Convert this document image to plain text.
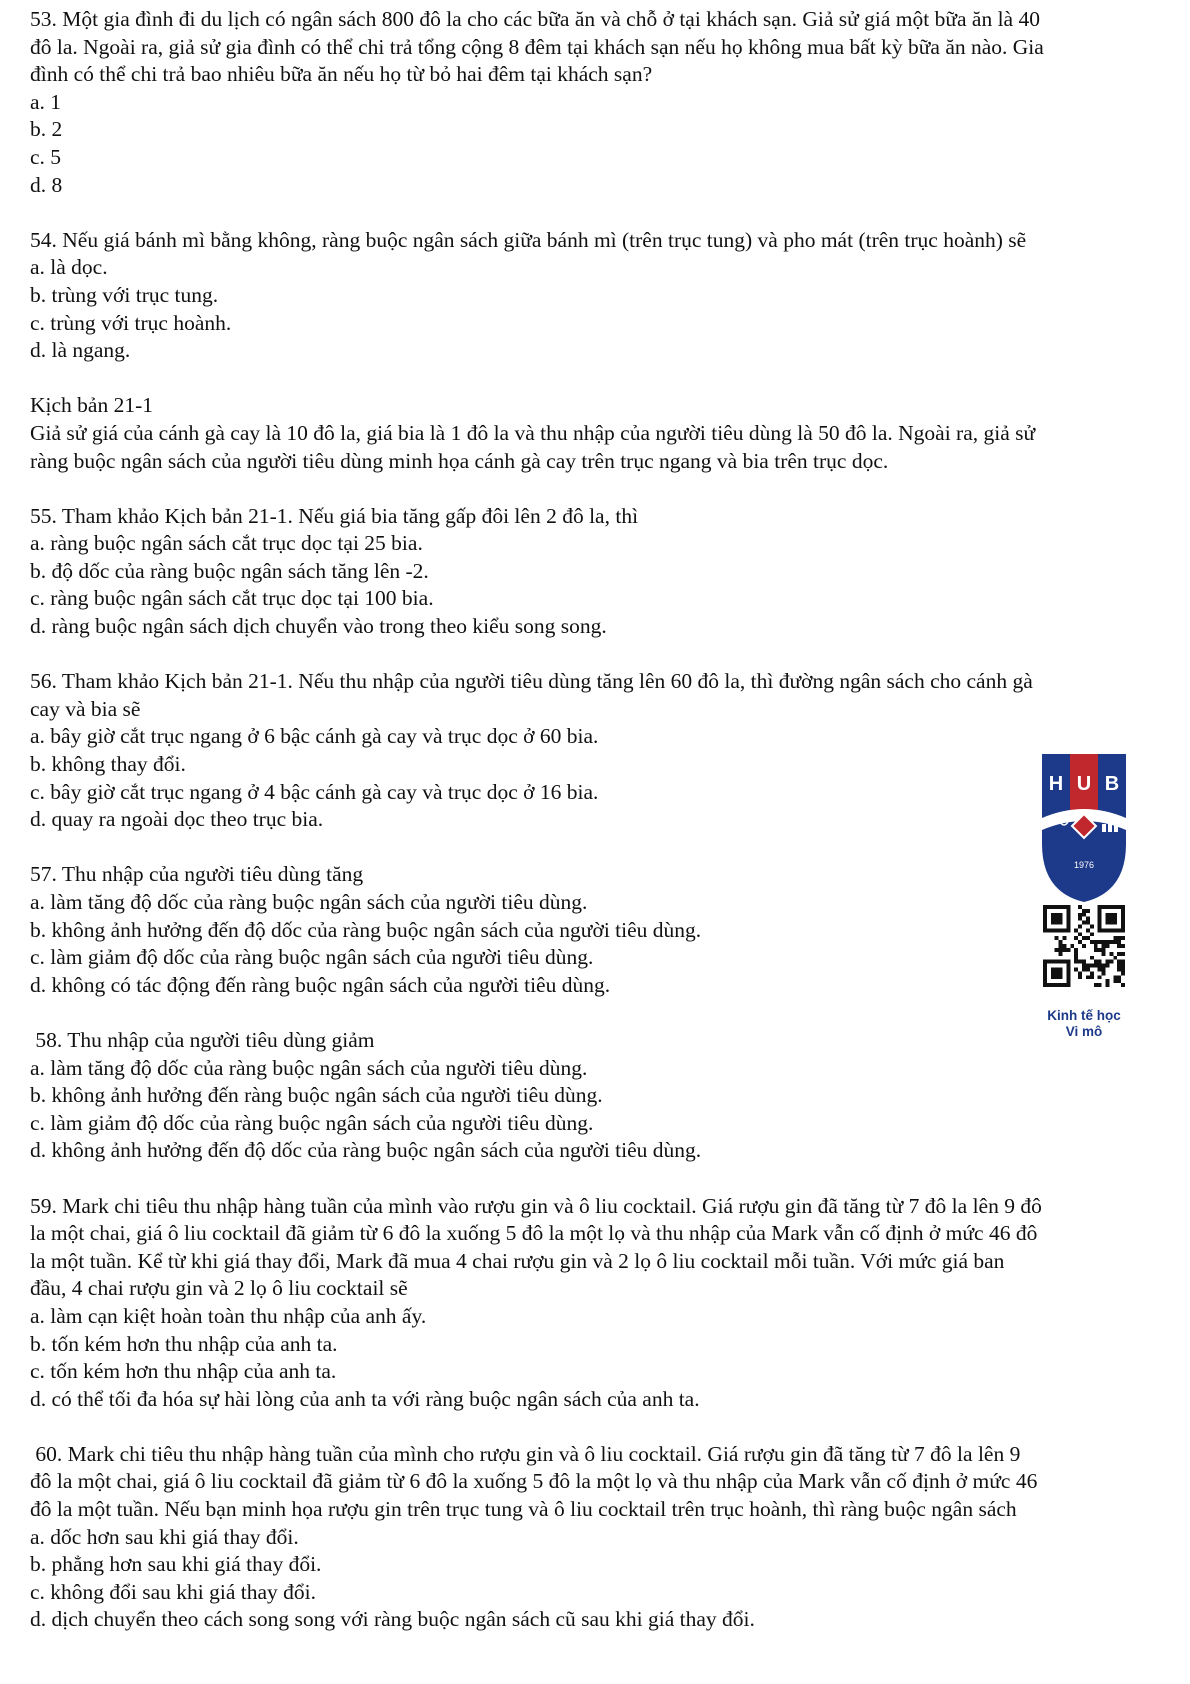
53. Một gia đình đi du lịch có ngân sách 800 đô la cho các bữa ăn và chỗ ở tại khách sạn. Giả sử giá một bữa ăn là 40

đô la. Ngoài ra, giả sử gia đình có thể chi trả tổng cộng 8 đêm tại khách sạn nếu họ không mua bất kỳ bữa ăn nào. Gia

đình có thể chi trả bao nhiêu bữa ăn nếu họ từ bỏ hai đêm tại khách sạn?

a. 1

b. 2

c. 5

d. 8

54. Nếu giá bánh mì bằng không, ràng buộc ngân sách giữa bánh mì (trên trục tung) và pho mát (trên trục hoành) sẽ

a. là dọc.

b. trùng với trục tung.

c. trùng với trục hoành.

d. là ngang.

Kịch bản 21-1

Giả sử giá của cánh gà cay là 10 đô la, giá bia là 1 đô la và thu nhập của người tiêu dùng là 50 đô la. Ngoài ra, giả sử

ràng buộc ngân sách của người tiêu dùng minh họa cánh gà cay trên trục ngang và bia trên trục dọc.

55. Tham khảo Kịch bản 21-1. Nếu giá bia tăng gấp đôi lên 2 đô la, thì

a. ràng buộc ngân sách cắt trục dọc tại 25 bia.

b. độ dốc của ràng buộc ngân sách tăng lên -2.

c. ràng buộc ngân sách cắt trục dọc tại 100 bia.

d. ràng buộc ngân sách dịch chuyển vào trong theo kiểu song song.

56. Tham khảo Kịch bản 21-1. Nếu thu nhập của người tiêu dùng tăng lên 60 đô la, thì đường ngân sách cho cánh gà

cay và bia sẽ

a. bây giờ cắt trục ngang ở 6 bậc cánh gà cay và trục dọc ở 60 bia.

b. không thay đổi.

c. bây giờ cắt trục ngang ở 4 bậc cánh gà cay và trục dọc ở 16 bia.

d. quay ra ngoài dọc theo trục bia.

57. Thu nhập của người tiêu dùng tăng

a. làm tăng độ dốc của ràng buộc ngân sách của người tiêu dùng.

b. không ảnh hưởng đến độ dốc của ràng buộc ngân sách của người tiêu dùng.

c. làm giảm độ dốc của ràng buộc ngân sách của người tiêu dùng.

d. không có tác động đến ràng buộc ngân sách của người tiêu dùng.

58. Thu nhập của người tiêu dùng giảm

a. làm tăng độ dốc của ràng buộc ngân sách của người tiêu dùng.

b. không ảnh hưởng đến ràng buộc ngân sách của người tiêu dùng.

c. làm giảm độ dốc của ràng buộc ngân sách của người tiêu dùng.

d. không ảnh hưởng đến độ dốc của ràng buộc ngân sách của người tiêu dùng.

59. Mark chi tiêu thu nhập hàng tuần của mình vào rượu gin và ô liu cocktail. Giá rượu gin đã tăng từ 7 đô la lên 9 đô

la một chai, giá ô liu cocktail đã giảm từ 6 đô la xuống 5 đô la một lọ và thu nhập của Mark vẫn cố định ở mức 46 đô

la một tuần. Kể từ khi giá thay đổi, Mark đã mua 4 chai rượu gin và 2 lọ ô liu cocktail mỗi tuần. Với mức giá ban

đầu, 4 chai rượu gin và 2 lọ ô liu cocktail sẽ

a. làm cạn kiệt hoàn toàn thu nhập của anh ấy.

b. tốn kém hơn thu nhập của anh ta.

c. tốn kém hơn thu nhập của anh ta.

d. có thể tối đa hóa sự hài lòng của anh ta với ràng buộc ngân sách của anh ta.

60. Mark chi tiêu thu nhập hàng tuần của mình cho rượu gin và ô liu cocktail. Giá rượu gin đã tăng từ 7 đô la lên 9

đô la một chai, giá ô liu cocktail đã giảm từ 6 đô la xuống 5 đô la một lọ và thu nhập của Mark vẫn cố định ở mức 46

đô la một tuần. Nếu bạn minh họa rượu gin trên trục tung và ô liu cocktail trên trục hoành, thì ràng buộc ngân sách

a. dốc hơn sau khi giá thay đổi.

b. phẳng hơn sau khi giá thay đổi.

c. không đổi sau khi giá thay đổi.

d. dịch chuyển theo cách song song với ràng buộc ngân sách cũ sau khi giá thay đổi.

H U B
1976
Kinh tế học
Vi mô
